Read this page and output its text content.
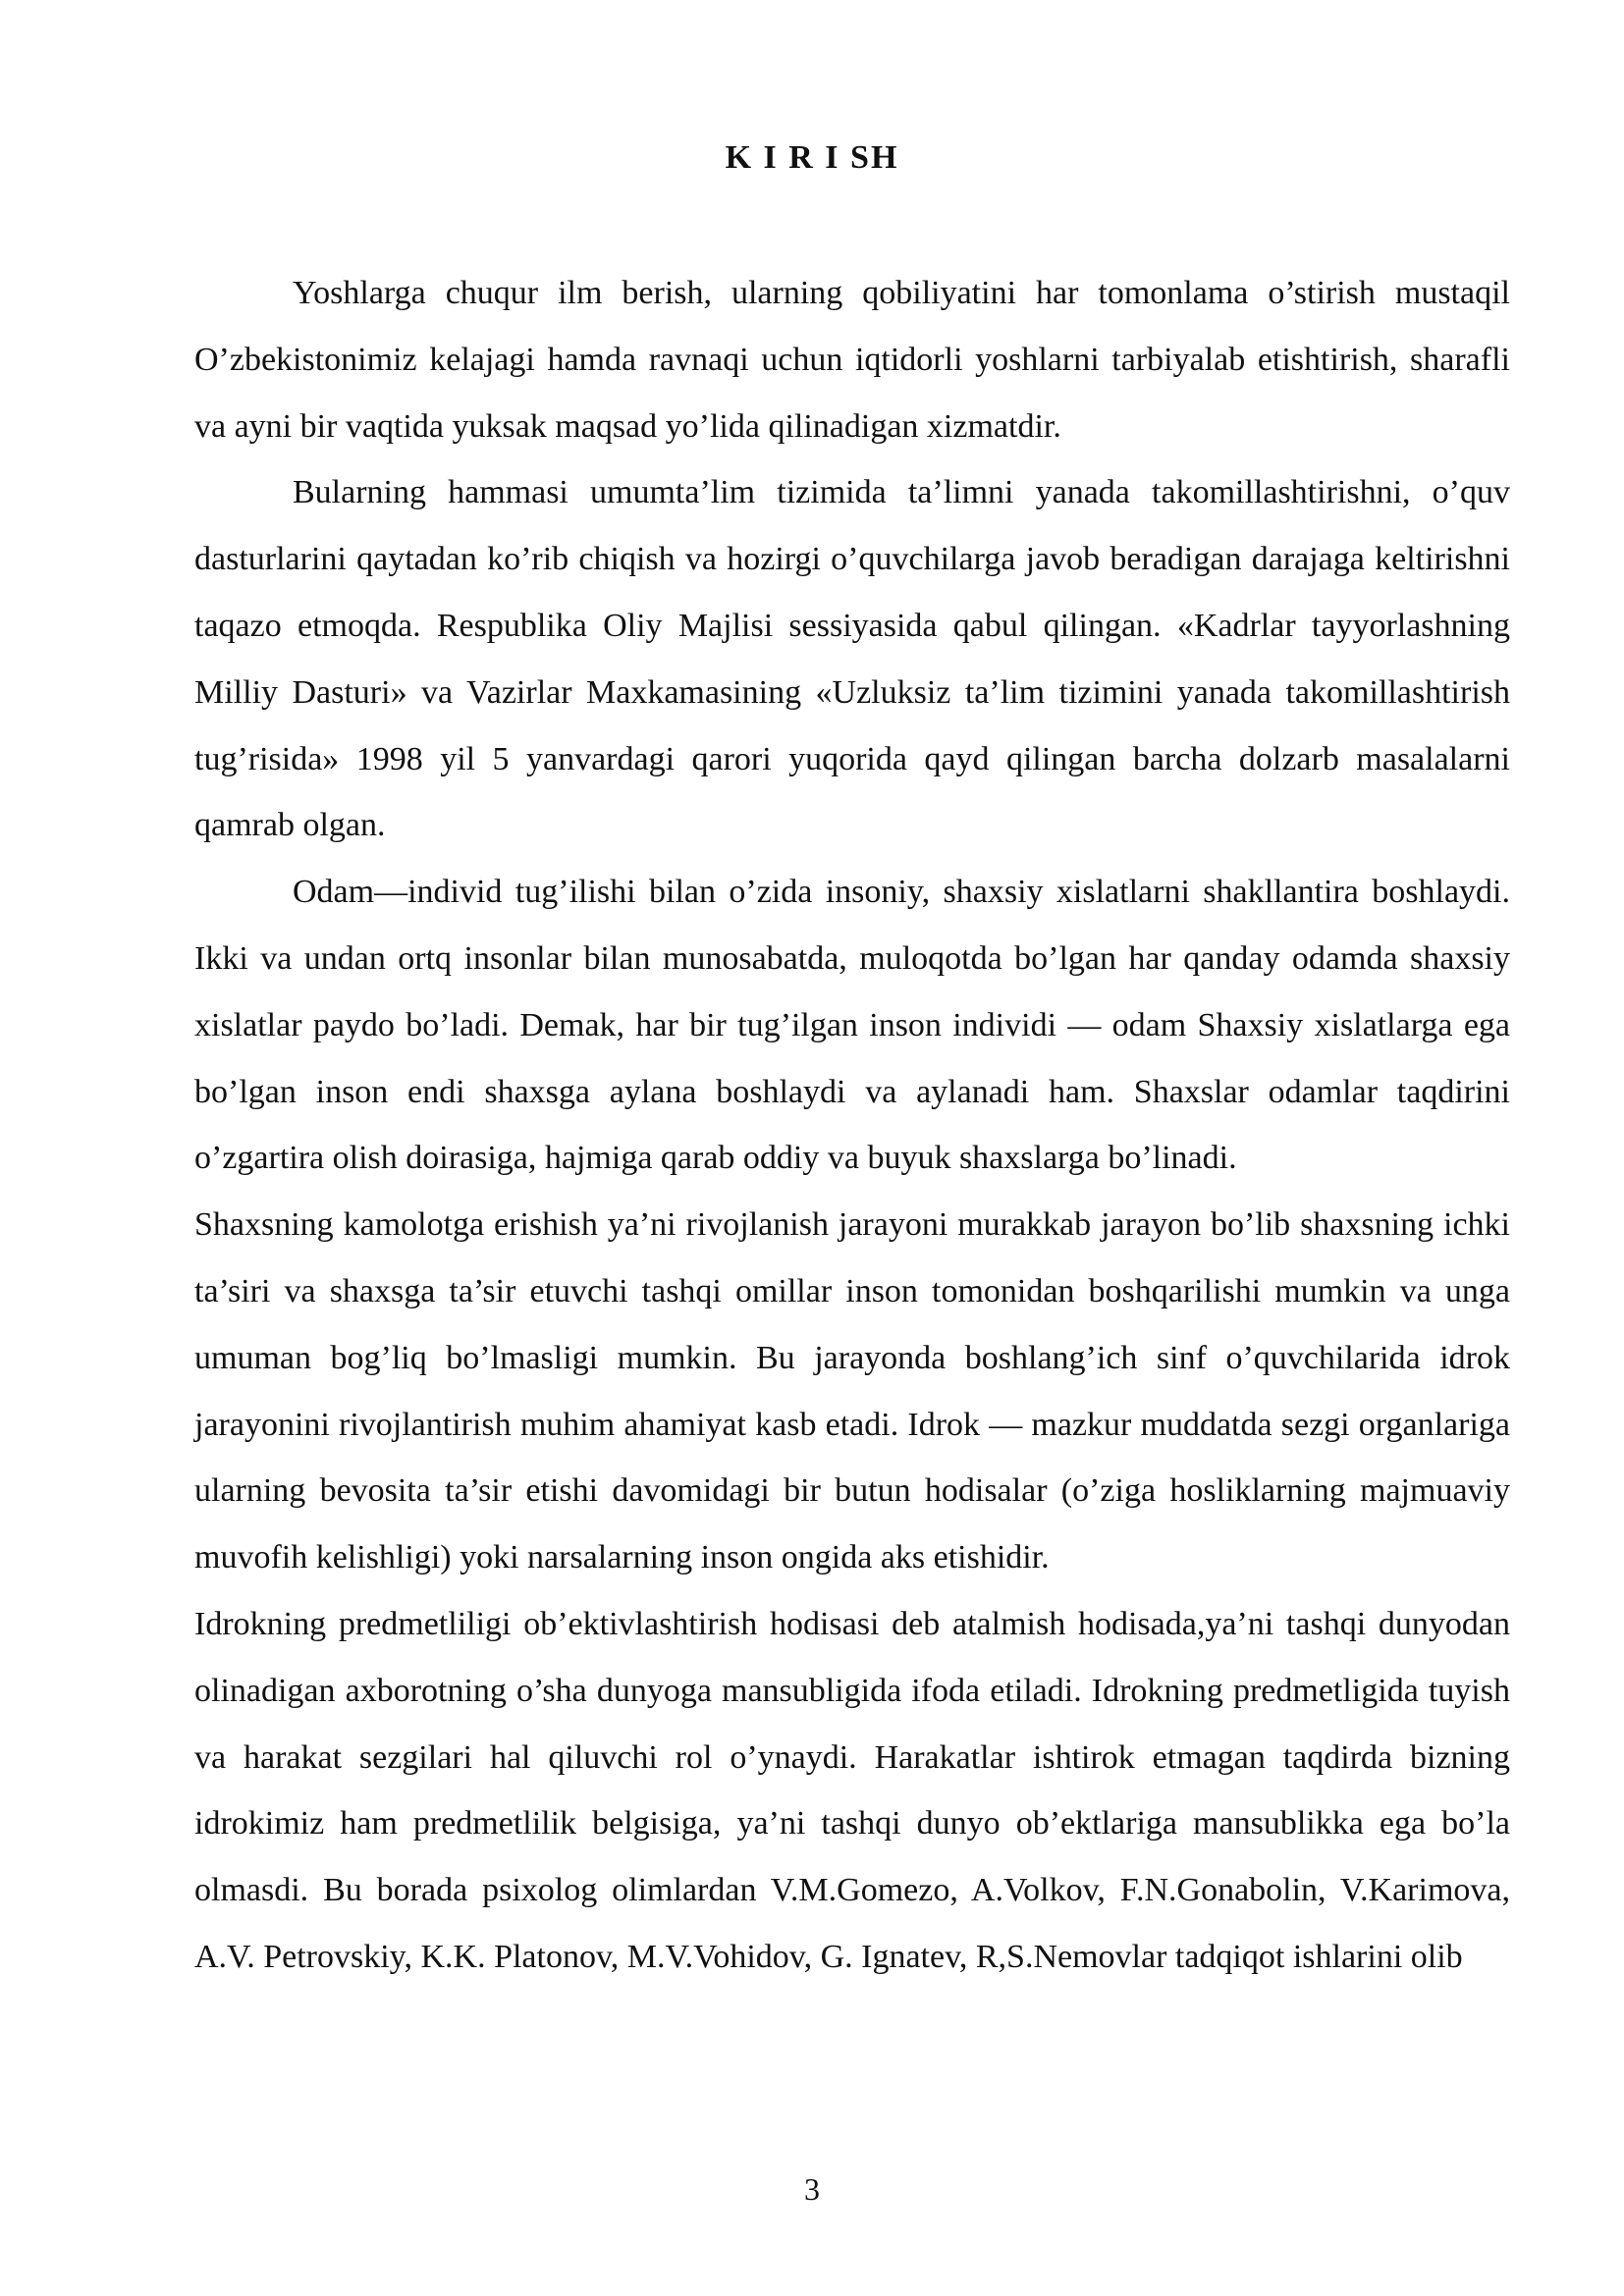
K I R I SH

Yoshlarga chuqur ilm berish, ularning qobiliyatini har tomonlama o’stirish mustaqil O’zbekistonimiz kelajagi hamda ravnaqi uchun iqtidorli yoshlarni tarbiyalab etishtirish, sharafli va ayni bir vaqtida yuksak maqsad yo’lida qilinadigan xizmatdir.

Bularning hammasi umumta’lim tizimida ta’limni yanada takomillashtirishni, o’quv dasturlarini qaytadan ko’rib chiqish va hozirgi o’quvchilarga javob beradigan darajaga keltirishni taqazo etmoqda. Respublika Oliy Majlisi sessiyasida qabul qilingan. «Kadrlar tayyorlashning Milliy Dasturi» va Vazirlar Maxkamasining «Uzluksiz ta’lim tizimini yanada takomillashtirish tug’risida» 1998 yil 5 yanvardagi qarori yuqorida qayd qilingan barcha dolzarb masalalarni qamrab olgan.

Odam—individ tug’ilishi bilan o’zida insoniy, shaxsiy xislatlarni shakllantira boshlaydi. Ikki va undan ortq insonlar bilan munosabatda, muloqotda bo’lgan har qanday odamda shaxsiy xislatlar paydo bo’ladi. Demak, har bir tug’ilgan inson individi — odam Shaxsiy xislatlarga ega bo’lgan inson endi shaxsga aylana boshlaydi va aylanadi ham. Shaxslar odamlar taqdirini o’zgartira olish doirasiga, hajmiga qarab oddiy va buyuk shaxslarga bo’linadi.

Shaxsning kamolotga erishish ya’ni rivojlanish jarayoni murakkab jarayon bo’lib shaxsning ichki ta’siri va shaxsga ta’sir etuvchi tashqi omillar inson tomonidan boshqarilishi mumkin va unga umuman bog’liq bo’lmasligi mumkin. Bu jarayonda boshlang’ich sinf o’quvchilarida idrok jarayonini rivojlantirish muhim ahamiyat kasb etadi. Idrok — mazkur muddatda sezgi organlariga ularning bevosita ta’sir etishi davomidagi bir butun hodisalar (o’ziga hosliklarning majmuaviy muvofih kelishligi) yoki narsalarning inson ongida aks etishidir.

Idrokning predmetliligi ob’ektivlashtirish hodisasi deb atalmish hodisada,ya’ni tashqi dunyodan olinadigan axborotning o’sha dunyoga mansubligida ifoda etiladi. Idrokning predmetligida tuyish va harakat sezgilari hal qiluvchi rol o’ynaydi. Harakatlar ishtirok etmagan taqdirda bizning idrokimiz ham predmetlilik belgisiga, ya’ni tashqi dunyo ob’ektlariga mansublikka ega bo’la olmasdi. Bu borada psixolog olimlardan V.M.Gomezo, A.Volkov, F.N.Gonabolin, V.Karimova, A.V. Petrovskiy, K.K. Platonov, M.V.Vohidov, G. Ignatev, R,S.Nemovlar tadqiqot ishlarini olib

3
